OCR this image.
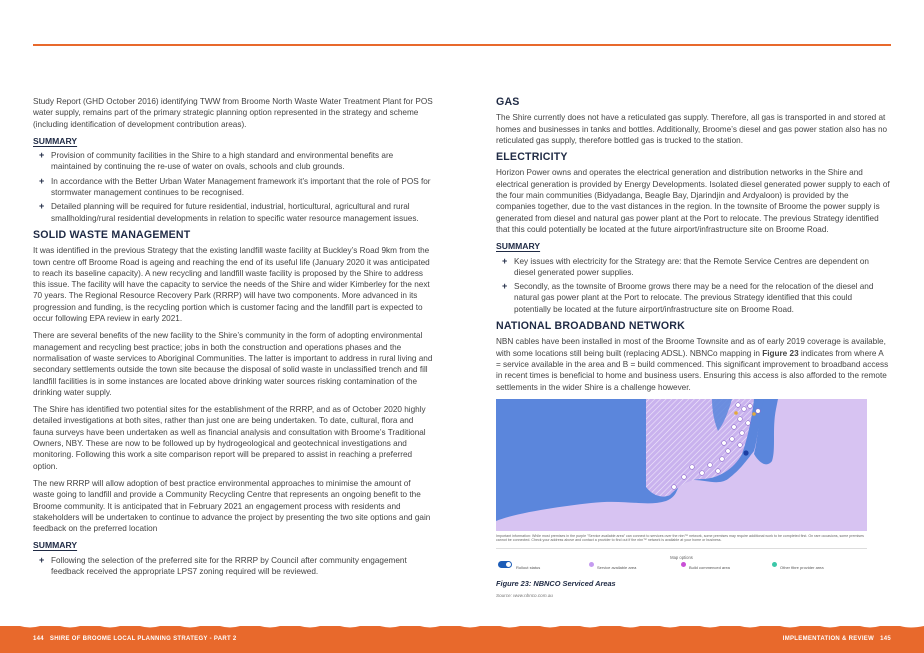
Study Report (GHD October 2016) identifying TWW from Broome North Waste Water Treatment Plant for POS water supply, remains part of the primary strategic planning option represented in the strategy and scheme (including identification of development contribution areas).

SUMMARY
+ Provision of community facilities in the Shire to a high standard and environmental benefits are maintained by continuing the re-use of water on ovals, schools and club grounds.
+ In accordance with the Better Urban Water Management framework it’s important that the role of POS for stormwater management continues to be recognised.
+ Detailed planning will be required for future residential, industrial, horticultural, agricultural and rural smallholding/rural residential developments in relation to specific water resource management issues.
SOLID WASTE MANAGEMENT

It was identified in the previous Strategy that the existing landfill waste facility at Buckley’s Road 9km from the town centre off Broome Road is ageing and reaching the end of its useful life (January 2020 it was anticipated to reach its baseline capacity). A new recycling and landfill waste facility is proposed by the Shire to address this issue. The facility will have the capacity to service the needs of the Shire and wider Kimberley for the next 70 years. The Regional Resource Recovery Park (RRRP) will have two components. More advanced in its progression and funding, is the recycling portion which is customer facing and the landfill part is expected to occur following EPA review in early 2021.

There are several benefits of the new facility to the Shire’s community in the form of adopting environmental management and recycling best practice; jobs in both the construction and operations phases and the normalisation of waste services to Aboriginal Communities. The latter is important to address in rural living and secondary settlements outside the town site because the disposal of solid waste in unclassified trench and fill landfill facilities is in some instances are located above drinking water sources risking contamination of the drinking water supply.

The Shire has identified two potential sites for the establishment of the RRRP, and as of October 2020 highly detailed investigations at both sites, rather than just one are being undertaken. To date, cultural, flora and fauna surveys have been undertaken as well as financial analysis and consultation with Broome’s Traditional Owners, NBY. These are now to be followed up by hydrogeological and geotechnical investigations and monitoring. Following this work a site comparison report will be prepared to assist in reaching a preferred option.

The new RRRP will allow adoption of best practice environmental approaches to minimise the amount of waste going to landfill and provide a Community Recycling Centre that represents an ongoing benefit to the Broome community. It is anticipated that in February 2021 an engagement process with residents and stakeholders will be undertaken to continue to advance the project by presenting the two site options and gain feedback on the preferred location

SUMMARY
+ Following the selection of the preferred site for the RRRP by Council after community engagement feedback received the appropriate LPS7 zoning required will be reviewed.
GAS

The Shire currently does not have a reticulated gas supply. Therefore, all gas is transported in and stored at homes and businesses in tanks and bottles. Additionally, Broome’s diesel and gas power station also has no reticulated gas supply, therefore bottled gas is trucked to the station.

ELECTRICITY

Horizon Power owns and operates the electrical generation and distribution networks in the Shire and electrical generation is provided by Energy Developments. Isolated diesel generated power supply to each of the four main communities (Bidyadanga, Beagle Bay, Djarindjin and Ardyaloon) is provided by the companies together, due to the vast distances in the region. In the townsite of Broome the power supply is generated from diesel and natural gas power plant at the Port to relocate. The previous Strategy identified that this could potentially be located at the future airport/infrastructure site on Broome Road.

SUMMARY
+ Key issues with electricity for the Strategy are: that the Remote Service Centres are dependent on diesel generated power supplies.
+ Secondly, as the townsite of Broome grows there may be a need for the relocation of the diesel and natural gas power plant at the Port to relocate. The previous Strategy identified that this could potentially be located at the future airport/infrastructure site on Broome Road.
NATIONAL BROADBAND NETWORK

NBN cables have been installed in most of the Broome Townsite and as of early 2019 coverage is available, with some locations still being built (replacing ADSL). NBNCo mapping in Figure 23 indicates from where A = service available in the area and B = build commenced. This significant improvement to broadband access in recent times is beneficial to home and business users. Ensuring this access is also afforded to the remote settlements in the wider Shire is a challenge however.

Important information: While most premises in the purple "Service available area" can connect to services over the nbn™ network, some premises may require additional work to be completed first. On rare occasions, some premises cannot be connected. Check your address above and contact a provider to find out if the nbn™ network is available at your home or business.
Map options
Rollout status	Service available area	Build commenced area	Other fibre provider area
Figure 23: NBNCO Serviced Areas
Source: www.nbnco.com.au
144 SHIRE OF BROOME LOCAL PLANNING STRATEGY - PART 2	IMPLEMENTATION & REVIEW 145
